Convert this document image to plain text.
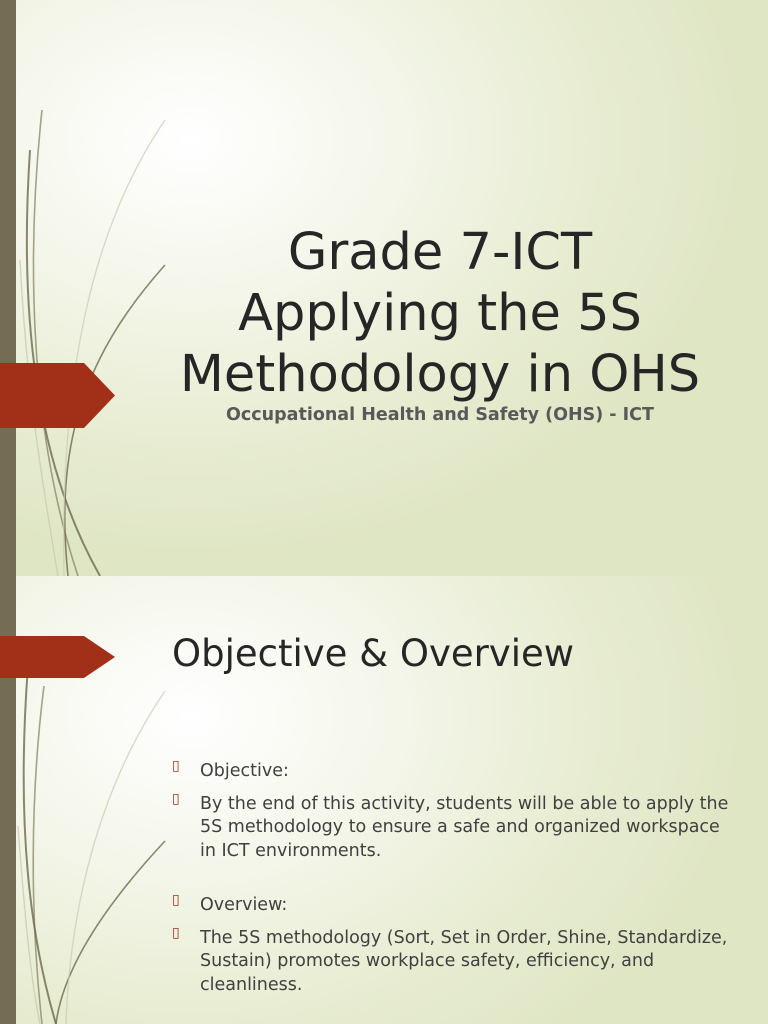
Grade 7-ICT
Applying the 5S
Methodology in OHS
Occupational Health and Safety (OHS) - ICT
Objective & Overview
▯ Objective:
▯ By the end of this activity, students will be able to apply the 5S methodology to ensure a safe and organized workspace in ICT environments.
▯ Overview:
▯ The 5S methodology (Sort, Set in Order, Shine, Standardize, Sustain) promotes workplace safety, efficiency, and cleanliness.
